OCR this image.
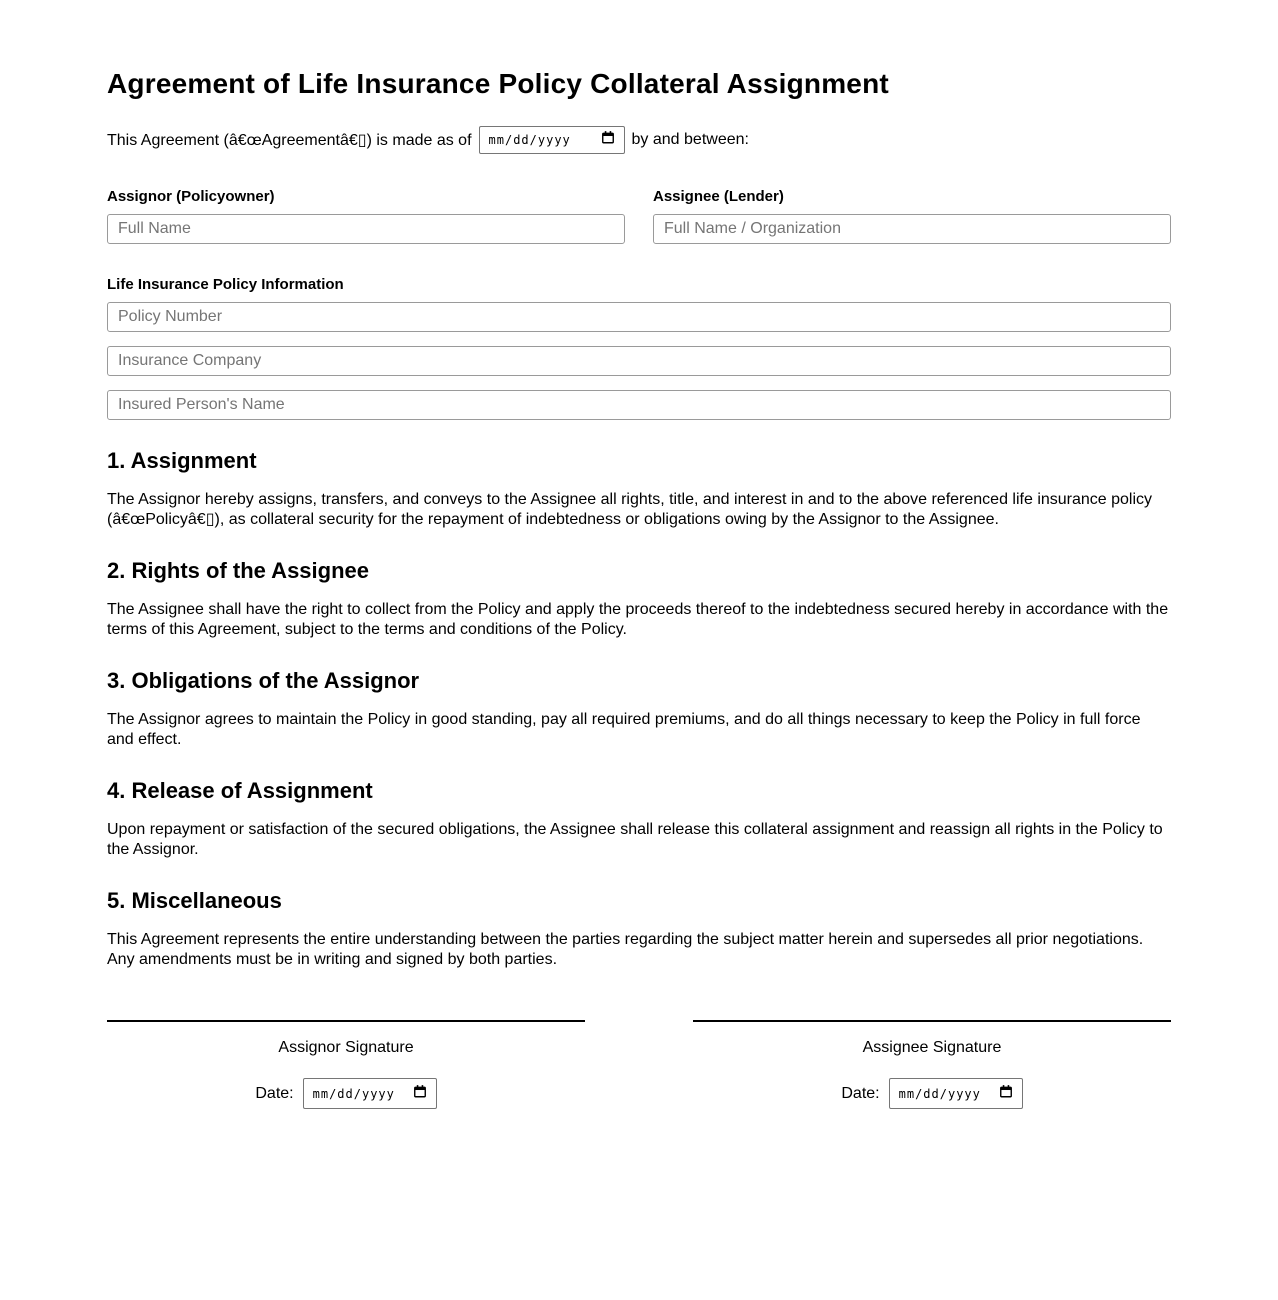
Agreement of Life Insurance Policy Collateral Assignment

This Agreement (â€œAgreementâ€▯) is made as of mm/dd/yyyy	by and between:

Assignor (Policyowner)
Full Name	Assignee (Lender)
Full Name / Organization
Life Insurance Policy Information
Policy Number Insurance Company Insured Person's Name
1. Assignment

The Assignor hereby assigns, transfers, and conveys to the Assignee all rights, title, and interest in and to the above referenced life insurance policy (â€œPolicyâ€▯), as collateral security for the repayment of indebtedness or obligations owing by the Assignor to the Assignee.

2. Rights of the Assignee

The Assignee shall have the right to collect from the Policy and apply the proceeds thereof to the indebtedness secured hereby in accordance with the terms of this Agreement, subject to the terms and conditions of the Policy.

3. Obligations of the Assignor

The Assignor agrees to maintain the Policy in good standing, pay all required premiums, and do all things necessary to keep the Policy in full force and effect.

4. Release of Assignment

Upon repayment or satisfaction of the secured obligations, the Assignee shall release this collateral assignment and reassign all rights in the Policy to the Assignor.

5. Miscellaneous

This Agreement represents the entire understanding between the parties regarding the subject matter herein and supersedes all prior negotiations. Any amendments must be in writing and signed by both parties.

Assignor Signature
Date: mm/dd/yyyy
Assignee Signature
Date: mm/dd/yyyy
